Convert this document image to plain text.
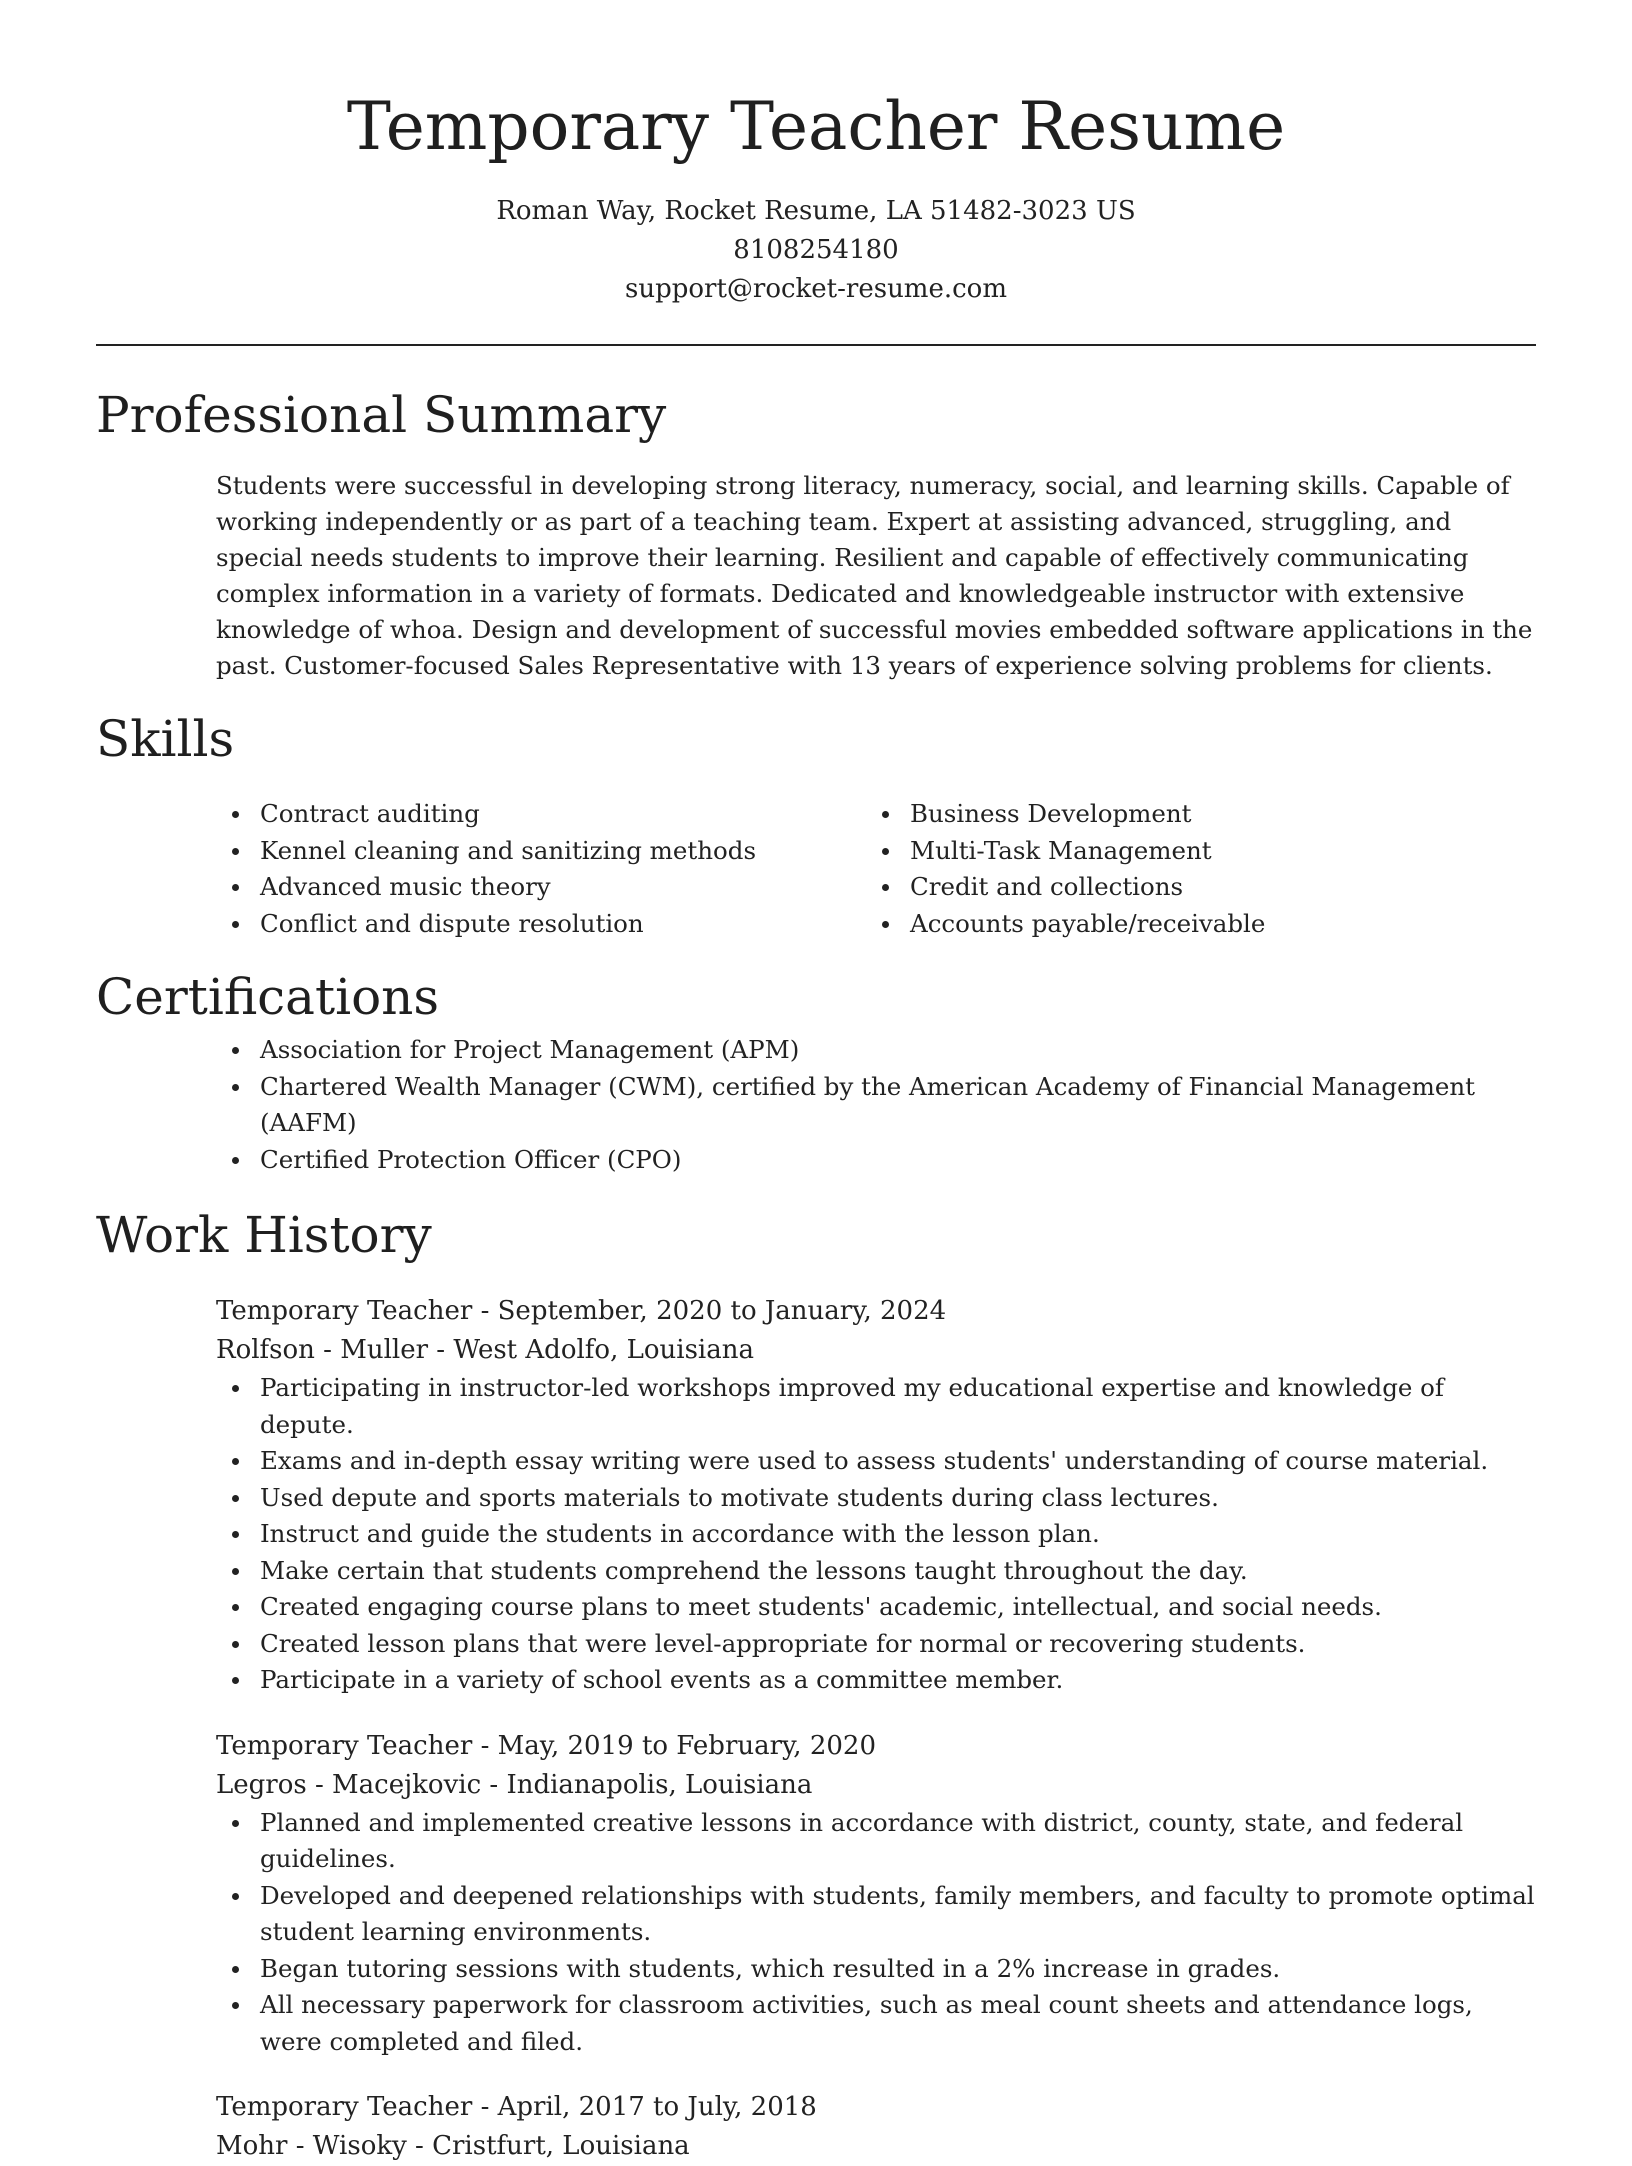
Temporary Teacher Resume

Roman Way, Rocket Resume, LA 51482-3023 US

8108254180

support@rocket-resume.com

Professional Summary

Students were successful in developing strong literacy, numeracy, social, and learning skills. Capable of working independently or as part of a teaching team. Expert at assisting advanced, struggling, and special needs students to improve their learning. Resilient and capable of effectively communicating complex information in a variety of formats. Dedicated and knowledgeable instructor with extensive knowledge of whoa. Design and development of successful movies embedded software applications in the past. Customer-focused Sales Representative with 13 years of experience solving problems for clients.

Skills
Contract auditing
Kennel cleaning and sanitizing methods
Advanced music theory
Conflict and dispute resolution
Business Development
Multi-Task Management
Credit and collections
Accounts payable/receivable
Certifications
Association for Project Management (APM)
Chartered Wealth Manager (CWM), certified by the American Academy of Financial Management (AAFM)
Certified Protection Officer (CPO)
Work History

Temporary Teacher - September, 2020 to January, 2024

Rolfson - Muller - West Adolfo, Louisiana

Participating in instructor-led workshops improved my educational expertise and knowledge of depute.
Exams and in-depth essay writing were used to assess students' understanding of course material.
Used depute and sports materials to motivate students during class lectures.
Instruct and guide the students in accordance with the lesson plan.
Make certain that students comprehend the lessons taught throughout the day.
Created engaging course plans to meet students' academic, intellectual, and social needs.
Created lesson plans that were level-appropriate for normal or recovering students.
Participate in a variety of school events as a committee member.

Temporary Teacher - May, 2019 to February, 2020

Legros - Macejkovic - Indianapolis, Louisiana

Planned and implemented creative lessons in accordance with district, county, state, and federal guidelines.
Developed and deepened relationships with students, family members, and faculty to promote optimal student learning environments.
Began tutoring sessions with students, which resulted in a 2% increase in grades.
All necessary paperwork for classroom activities, such as meal count sheets and attendance logs, were completed and filed.

Temporary Teacher - April, 2017 to July, 2018

Mohr - Wisoky - Cristfurt, Louisiana
